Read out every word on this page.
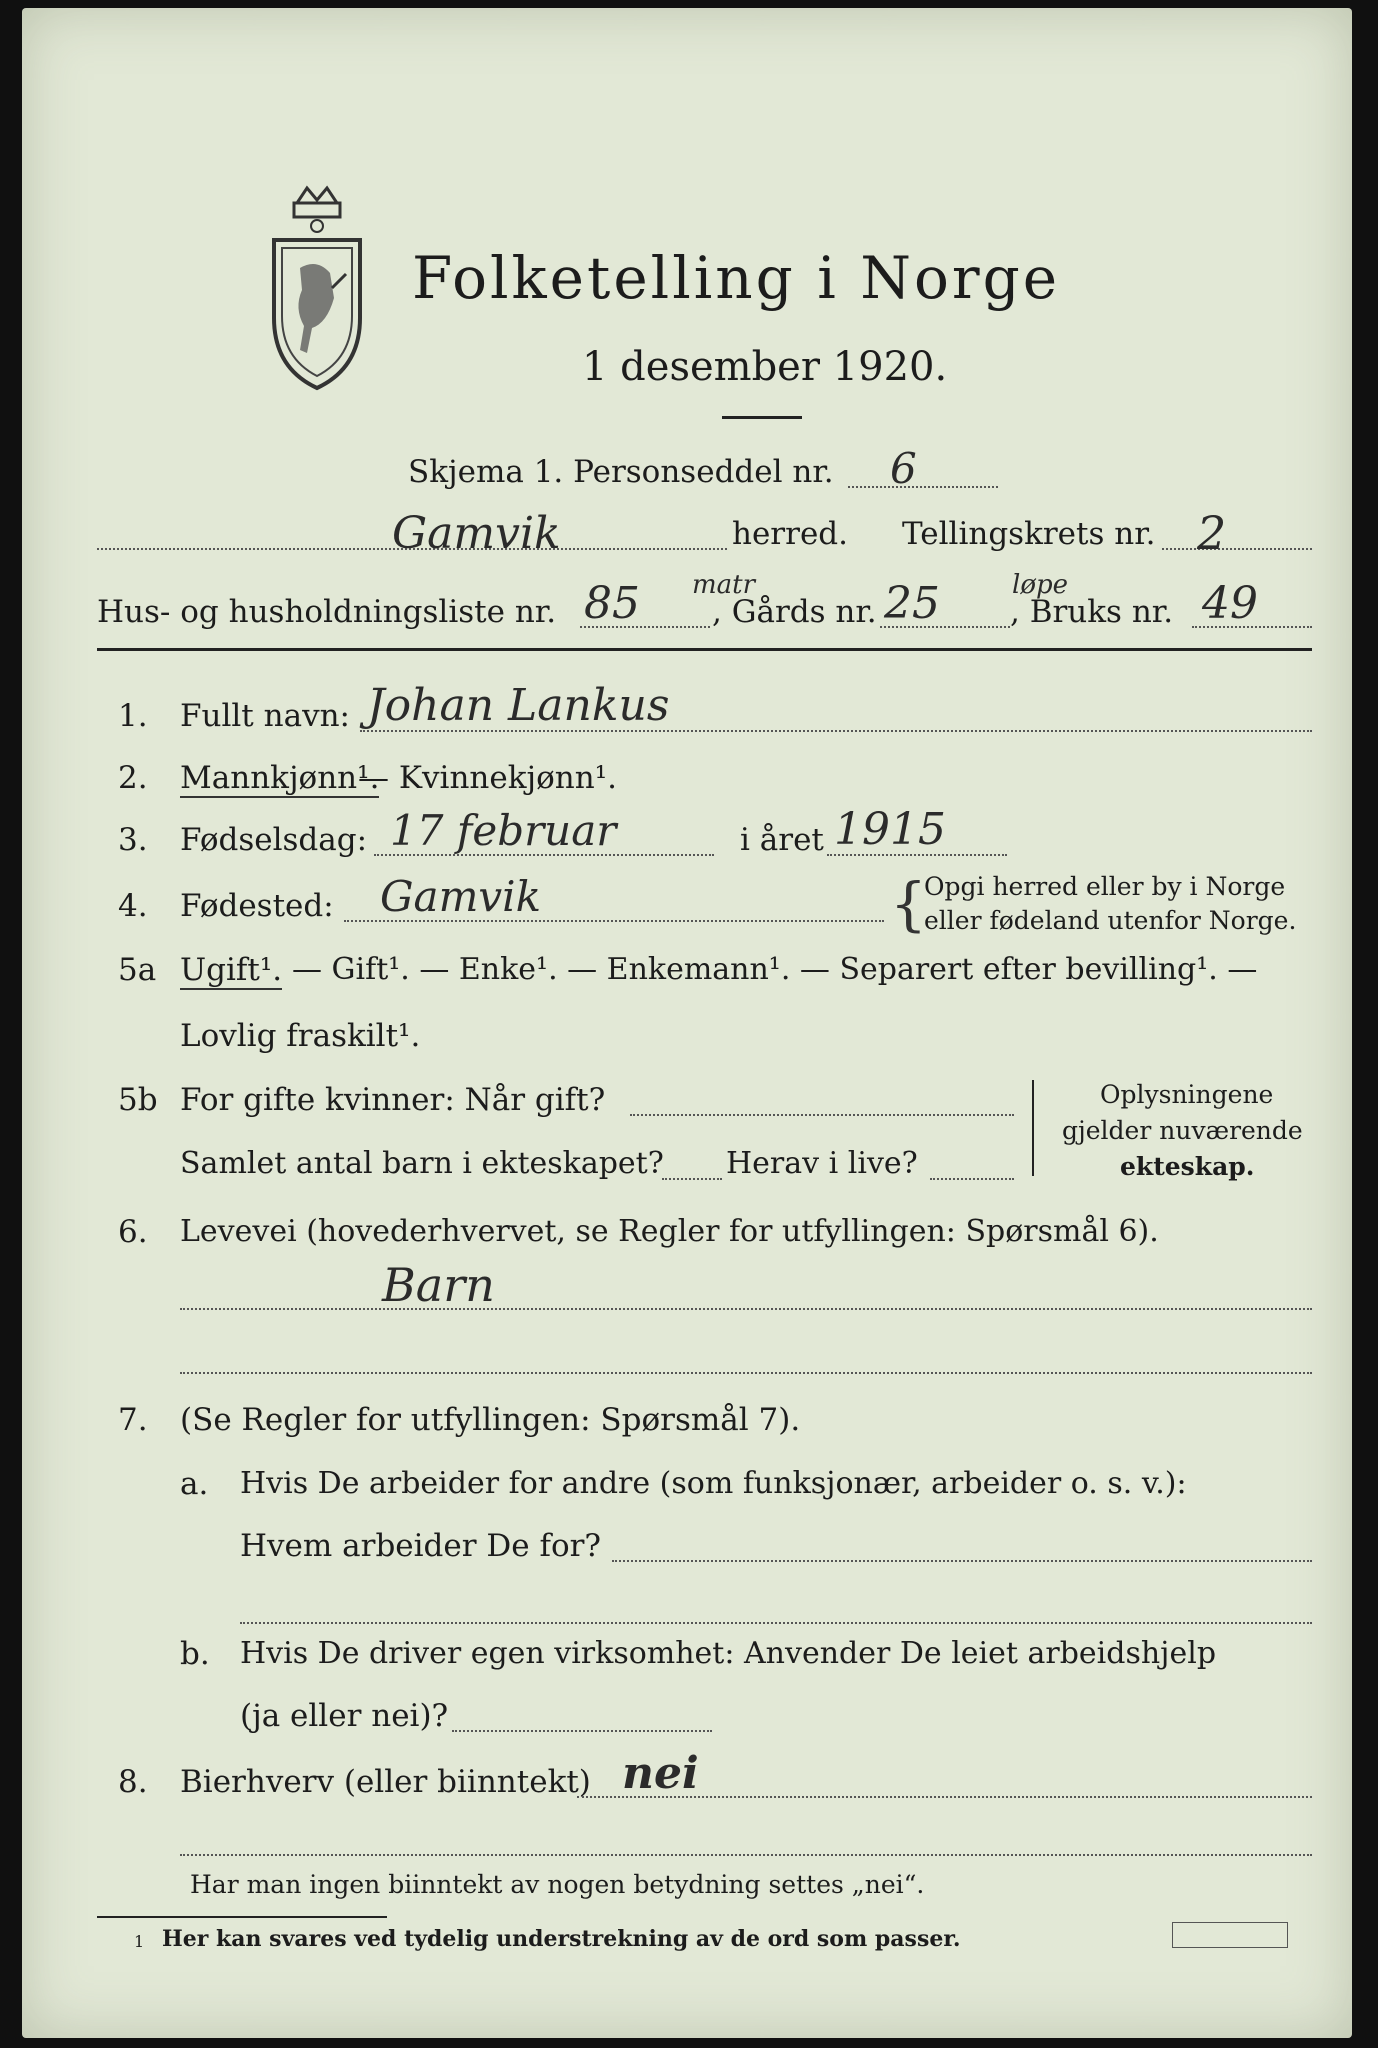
Folketelling i Norge
1 desember 1920.
Skjema 1. Personseddel nr. 6
Gamvik	herred. Tellingskrets nr. 2
Hus- og husholdningsliste nr. 85 matr
, Gårds nr. 25	løpe
, Bruks nr. 49
1. Fullt navn: Johan Lankus
2. Mannkjønn¹.
— Kvinnekjønn¹.
3. Fødselsdag: 17 februar	i året 1915
4. Fødested: Gamvik	{
Opgi herred eller by i Norge
eller fødeland utenfor Norge.
5a Ugift¹. — Gift¹. — Enke¹. — Enkemann¹. — Separert efter bevilling¹. —
Lovlig fraskilt¹.
5b For gifte kvinner: Når gift?
Samlet antal barn i ekteskapet? Herav i live?
Oplysningene
gjelder nuværende
ekteskap.
6. Levevei (hovederhvervet, se Regler for utfyllingen: Spørsmål 6).
Barn
7. (Se Regler for utfyllingen: Spørsmål 7).
a. Hvis De arbeider for andre (som funksjonær, arbeider o. s. v.):
Hvem arbeider De for?
b. Hvis De driver egen virksomhet: Anvender De leiet arbeidshjelp
(ja eller nei)?
8. Bierhverv (eller biinntekt) nei
Har man ingen biinntekt av nogen betydning settes „nei“.
1 Her kan svares ved tydelig understrekning av de ord som passer.
